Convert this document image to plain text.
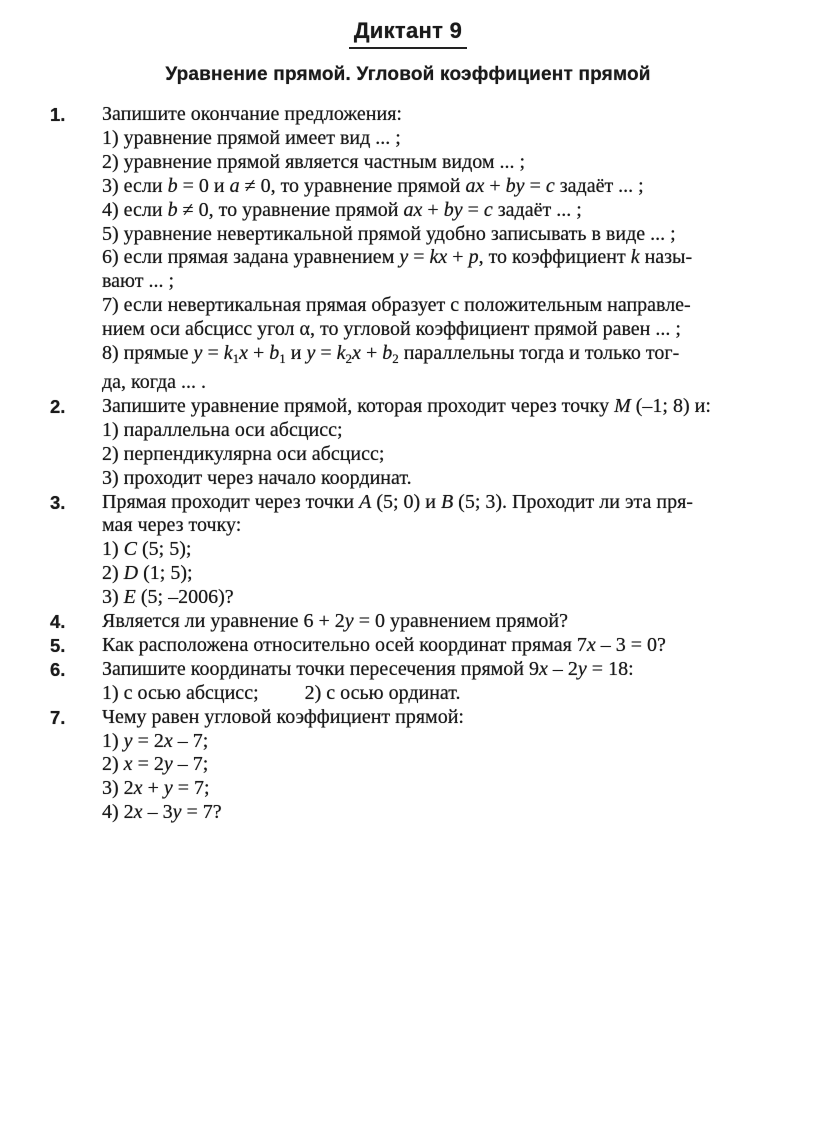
Диктант 9
Уравнение прямой. Угловой коэффициент прямой
1.	Запишите окончание предложения:
1) уравнение прямой имеет вид ... ;
2) уравнение прямой является частным видом ... ;
3) если b = 0 и a ≠ 0, то уравнение прямой ax + by = c задаёт ... ;
4) если b ≠ 0, то уравнение прямой ax + by = c задаёт ... ;
5) уравнение невертикальной прямой удобно записывать в виде ... ;
6) если прямая задана уравнением y = kx + p, то коэффициент k назы-
вают ... ;
7) если невертикальная прямая образует с положительным направле-
нием оси абсцисс угол α, то угловой коэффициент прямой равен ... ;
8) прямые $y = k_1x + b_1$ и $y = k_2x + b_2$ параллельны тогда и только тог-
да, когда ... .
2.	Запишите уравнение прямой, которая проходит через точку M (–1; 8) и:
1) параллельна оси абсцисс;
2) перпендикулярна оси абсцисс;
3) проходит через начало координат.
3.	Прямая проходит через точки A (5; 0) и B (5; 3). Проходит ли эта пря-
мая через точку:
1) C (5; 5);
2) D (1; 5);
3) E (5; –2006)?
4.	Является ли уравнение 6 + 2y = 0 уравнением прямой?
5.	Как расположена относительно осей координат прямая 7x – 3 = 0?
6.	Запишите координаты точки пересечения прямой 9x – 2y = 18:
1) с осью абсцисс; 2) с осью ординат.
7.	Чему равен угловой коэффициент прямой:
1) y = 2x – 7;
2) x = 2y – 7;
3) 2x + y = 7;
4) 2x – 3y = 7?
